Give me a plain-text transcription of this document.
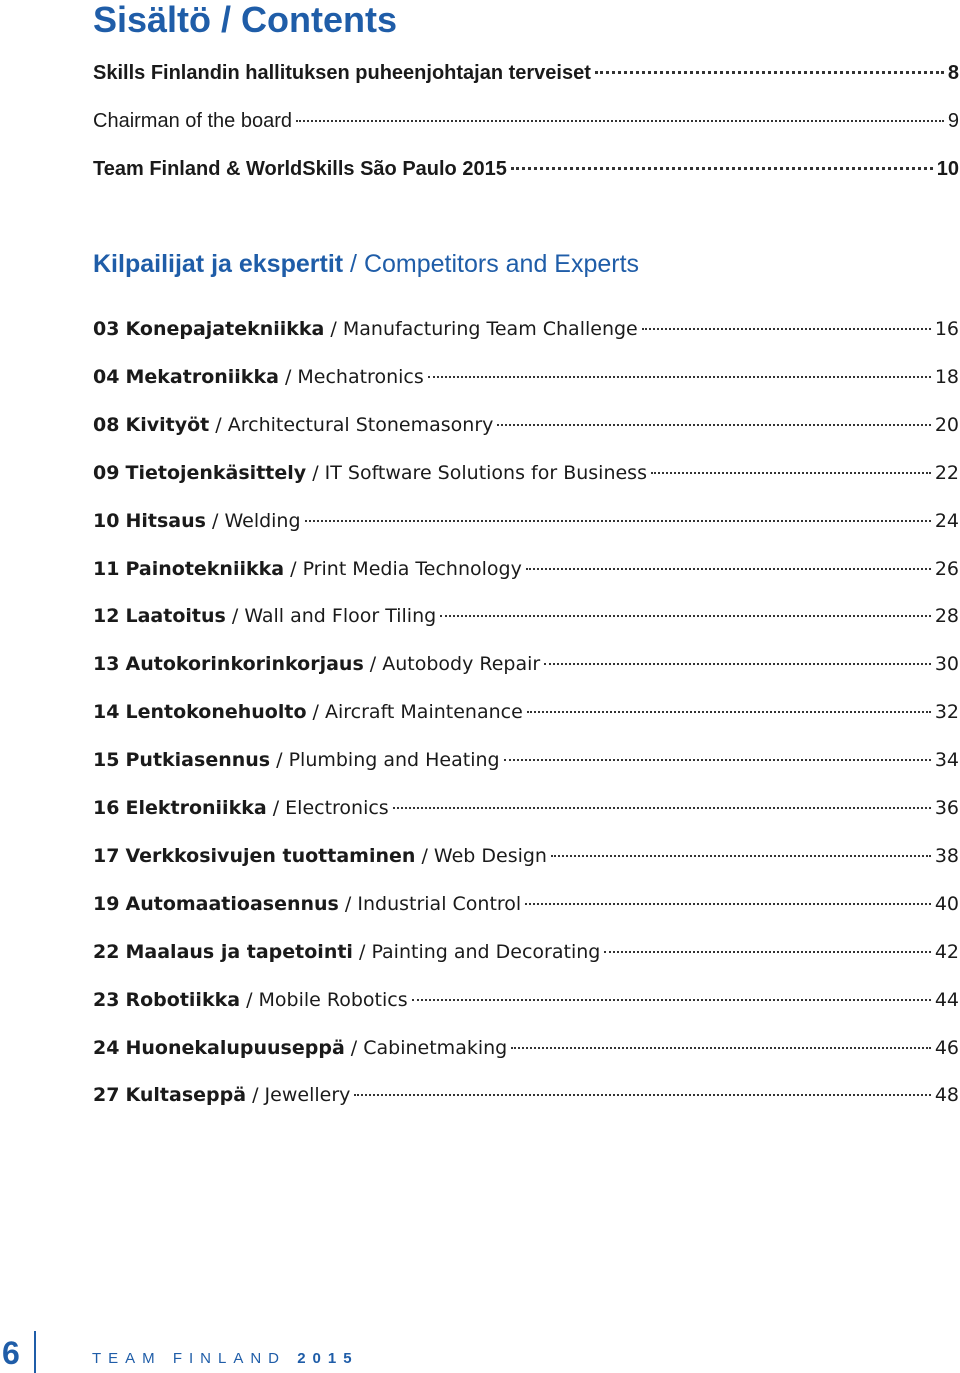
Sisältö / Contents
Skills Finlandin hallituksen puheenjohtajan terveiset	8
Chairman of the board	9
Team Finland & WorldSkills São Paulo 2015	10
Kilpailijat ja ekspertit / Competitors and Experts
03 Konepajatekniikka / Manufacturing Team Challenge	16
04 Mekatroniikka / Mechatronics	18
08 Kivityöt / Architectural Stonemasonry	20
09 Tietojenkäsittely / IT Software Solutions for Business	22
10 Hitsaus / Welding	24
11 Painotekniikka / Print Media Technology	26
12 Laatoitus / Wall and Floor Tiling	28
13 Autokorinkorinkorjaus / Autobody Repair	30
14 Lentokonehuolto / Aircraft Maintenance	32
15 Putkiasennus / Plumbing and Heating	34
16 Elektroniikka / Electronics	36
17 Verkkosivujen tuottaminen / Web Design	38
19 Automaatioasennus / Industrial Control	40
22 Maalaus ja tapetointi / Painting and Decorating	42
23 Robotiikka / Mobile Robotics	44
24 Huonekalupuuseppä / Cabinetmaking	46
27 Kultaseppä / Jewellery	48
6	TEAM FINLAND 2015
